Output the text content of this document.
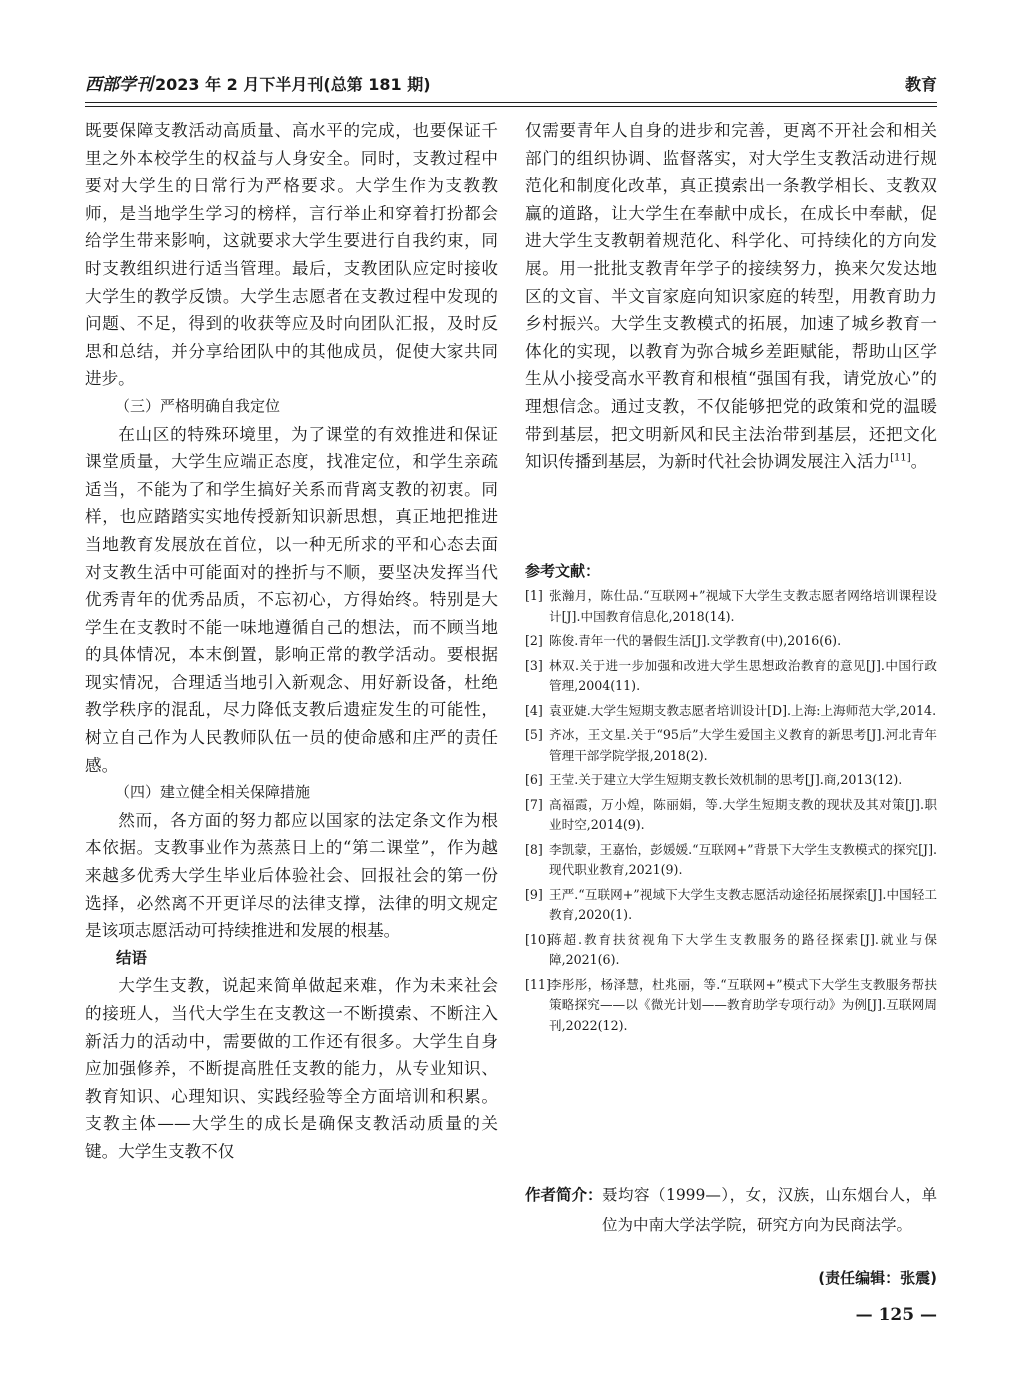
西部学刊 2023 年 2 月下半月刊(总第 181 期)	教育

既要保障支教活动高质量、高水平的完成，也要保证千里之外本校学生的权益与人身安全。同时，支教过程中要对大学生的日常行为严格要求。大学生作为支教教师，是当地学生学习的榜样，言行举止和穿着打扮都会给学生带来影响，这就要求大学生要进行自我约束，同时支教组织进行适当管理。最后，支教团队应定时接收大学生的教学反馈。大学生志愿者在支教过程中发现的问题、不足，得到的收获等应及时向团队汇报，及时反思和总结，并分享给团队中的其他成员，促使大家共同进步。

（三）严格明确自我定位

在山区的特殊环境里，为了课堂的有效推进和保证课堂质量，大学生应端正态度，找准定位，和学生亲疏适当，不能为了和学生搞好关系而背离支教的初衷。同样，也应踏踏实实地传授新知识新思想，真正地把推进当地教育发展放在首位，以一种无所求的平和心态去面对支教生活中可能面对的挫折与不顺，要坚决发挥当代优秀青年的优秀品质，不忘初心，方得始终。特别是大学生在支教时不能一味地遵循自己的想法，而不顾当地的具体情况，本末倒置，影响正常的教学活动。要根据现实情况，合理适当地引入新观念、用好新设备，杜绝教学秩序的混乱，尽力降低支教后遗症发生的可能性，树立自己作为人民教师队伍一员的使命感和庄严的责任感。

（四）建立健全相关保障措施

然而，各方面的努力都应以国家的法定条文作为根本依据。支教事业作为蒸蒸日上的“第二课堂”，作为越来越多优秀大学生毕业后体验社会、回报社会的第一份选择，必然离不开更详尽的法律支撑，法律的明文规定是该项志愿活动可持续推进和发展的根基。

结语

大学生支教，说起来简单做起来难，作为未来社会的接班人，当代大学生在支教这一不断摸索、不断注入新活力的活动中，需要做的工作还有很多。大学生自身应加强修养，不断提高胜任支教的能力，从专业知识、教育知识、心理知识、实践经验等全方面培训和积累。支教主体——大学生的成长是确保支教活动质量的关键。大学生支教不仅

仅需要青年人自身的进步和完善，更离不开社会和相关部门的组织协调、监督落实，对大学生支教活动进行规范化和制度化改革，真正摸索出一条教学相长、支教双赢的道路，让大学生在奉献中成长，在成长中奉献，促进大学生支教朝着规范化、科学化、可持续化的方向发展。用一批批支教青年学子的接续努力，换来欠发达地区的文盲、半文盲家庭向知识家庭的转型，用教育助力乡村振兴。大学生支教模式的拓展，加速了城乡教育一体化的实现，以教育为弥合城乡差距赋能，帮助山区学生从小接受高水平教育和根植“强国有我，请党放心”的理想信念。通过支教，不仅能够把党的政策和党的温暖带到基层，把文明新风和民主法治带到基层，还把文化知识传播到基层，为新时代社会协调发展注入活力[11]。

参考文献：
[1] 张瀚月，陈仕品.“互联网+”视域下大学生支教志愿者网络培训课程设计[J].中国教育信息化,2018(14).
[2] 陈俊.青年一代的暑假生活[J].文学教育(中),2016(6).
[3] 林双.关于进一步加强和改进大学生思想政治教育的意见[J].中国行政管理,2004(11).
[4] 袁亚婕.大学生短期支教志愿者培训设计[D].上海:上海师范大学,2014.
[5] 齐冰，王文星.关于“95后”大学生爱国主义教育的新思考[J].河北青年管理干部学院学报,2018(2).
[6] 王莹.关于建立大学生短期支教长效机制的思考[J].商,2013(12).
[7] 高福霞，万小煌，陈丽娟，等.大学生短期支教的现状及其对策[J].职业时空,2014(9).
[8] 李凯蒙，王嘉怡，彭媛媛.“互联网+”背景下大学生支教模式的探究[J].现代职业教育,2021(9).
[9] 王严.“互联网+”视域下大学生支教志愿活动途径拓展探索[J].中国轻工教育,2020(1).
[10]
蒋超.教育扶贫视角下大学生支教服务的路径探索[J].就业与保障,2021(6).
[11]
李彤彤，杨泽慧，杜兆丽，等.“互联网+”模式下大学生支教服务帮扶策略探究——以《微光计划——教育助学专项行动》为例[J].互联网周刊,2022(12).
作者简介： 聂均容（1999—），女，汉族，山东烟台人，单位为中南大学法学院，研究方向为民商法学。
(责任编辑：张震)
— 125 —
